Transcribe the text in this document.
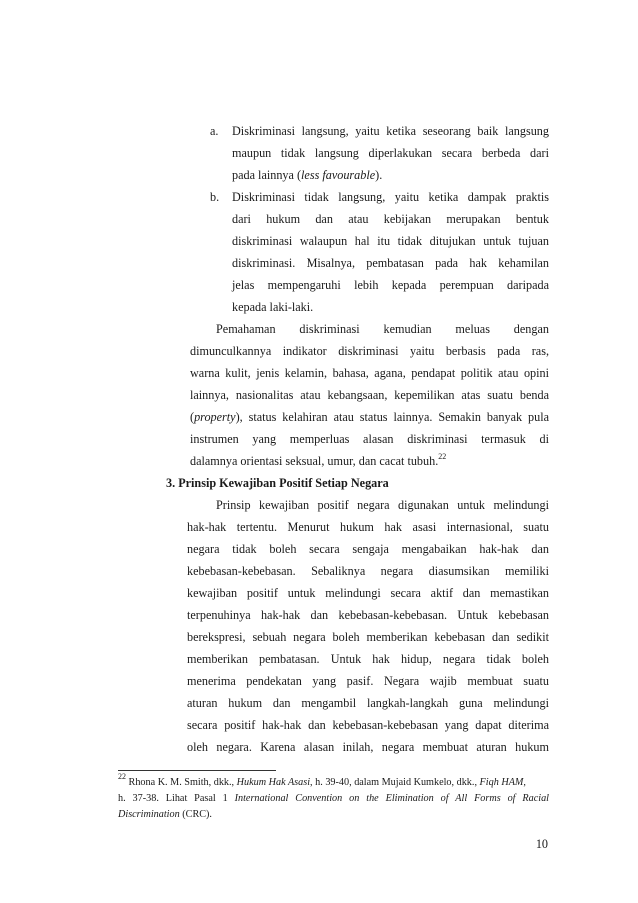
a. Diskriminasi langsung, yaitu ketika seseorang baik langsung
maupun tidak langsung diperlakukan secara berbeda dari
pada lainnya (less favourable).
b. Diskriminasi tidak langsung, yaitu ketika dampak praktis
dari hukum dan atau kebijakan merupakan bentuk
diskriminasi walaupun hal itu tidak ditujukan untuk tujuan
diskriminasi. Misalnya, pembatasan pada hak kehamilan
jelas mempengaruhi lebih kepada perempuan daripada
kepada laki-laki.
Pemahaman diskriminasi kemudian meluas dengan
dimunculkannya indikator diskriminasi yaitu berbasis pada ras,
warna kulit, jenis kelamin, bahasa, agana, pendapat politik atau opini
lainnya, nasionalitas atau kebangsaan, kepemilikan atas suatu benda
(property), status kelahiran atau status lainnya. Semakin banyak pula
instrumen yang memperluas alasan diskriminasi termasuk di
dalamnya orientasi seksual, umur, dan cacat tubuh.$^{22}$
3. Prinsip Kewajiban Positif Setiap Negara
Prinsip kewajiban positif negara digunakan untuk melindungi
hak-hak tertentu. Menurut hukum hak asasi internasional, suatu
negara tidak boleh secara sengaja mengabaikan hak-hak dan
kebebasan-kebebasan. Sebaliknya negara diasumsikan memiliki
kewajiban positif untuk melindungi secara aktif dan memastikan
terpenuhinya hak-hak dan kebebasan-kebebasan. Untuk kebebasan
berekspresi, sebuah negara boleh memberikan kebebasan dan sedikit
memberikan pembatasan. Untuk hak hidup, negara tidak boleh
menerima pendekatan yang pasif. Negara wajib membuat suatu
aturan hukum dan mengambil langkah-langkah guna melindungi
secara positif hak-hak dan kebebasan-kebebasan yang dapat diterima
oleh negara. Karena alasan inilah, negara membuat aturan hukum
$^{22}$ Rhona K. M. Smith, dkk., Hukum Hak Asasi, h. 39-40, dalam Mujaid Kumkelo, dkk., Fiqh HAM,
h. 37-38. Lihat Pasal 1 International Convention on the Elimination of All Forms of Racial
Discrimination (CRC).
10
